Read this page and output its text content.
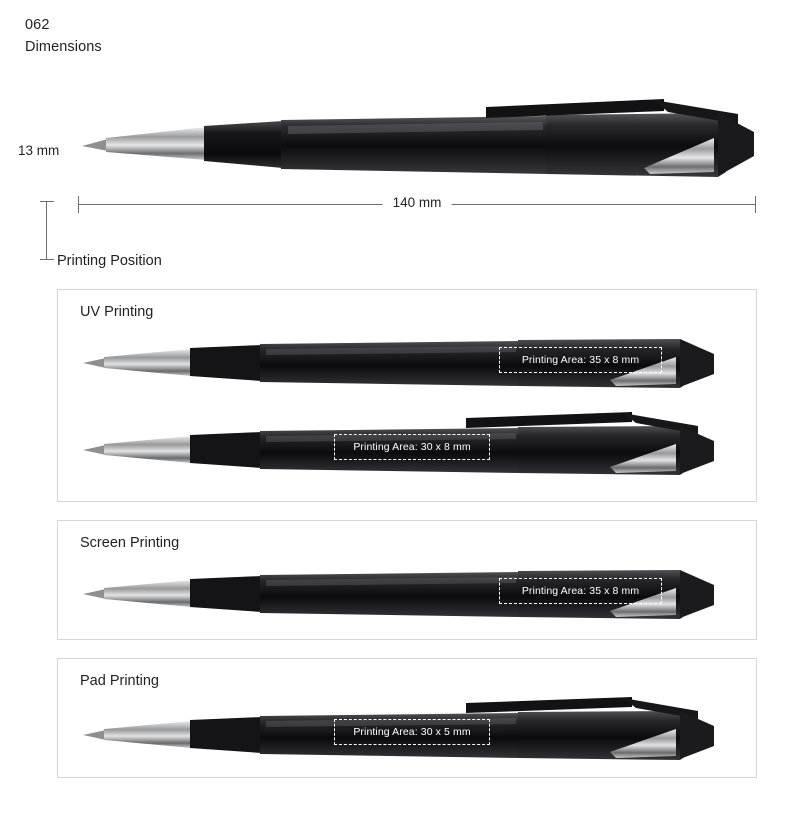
062
Dimensions
13 mm
140 mm
Printing Position
UV Printing
Printing Area: 35 x 8 mm
Printing Area: 30 x 8 mm
Screen Printing
Printing Area: 35 x 8 mm
Pad Printing
Printing Area: 30 x 5 mm
